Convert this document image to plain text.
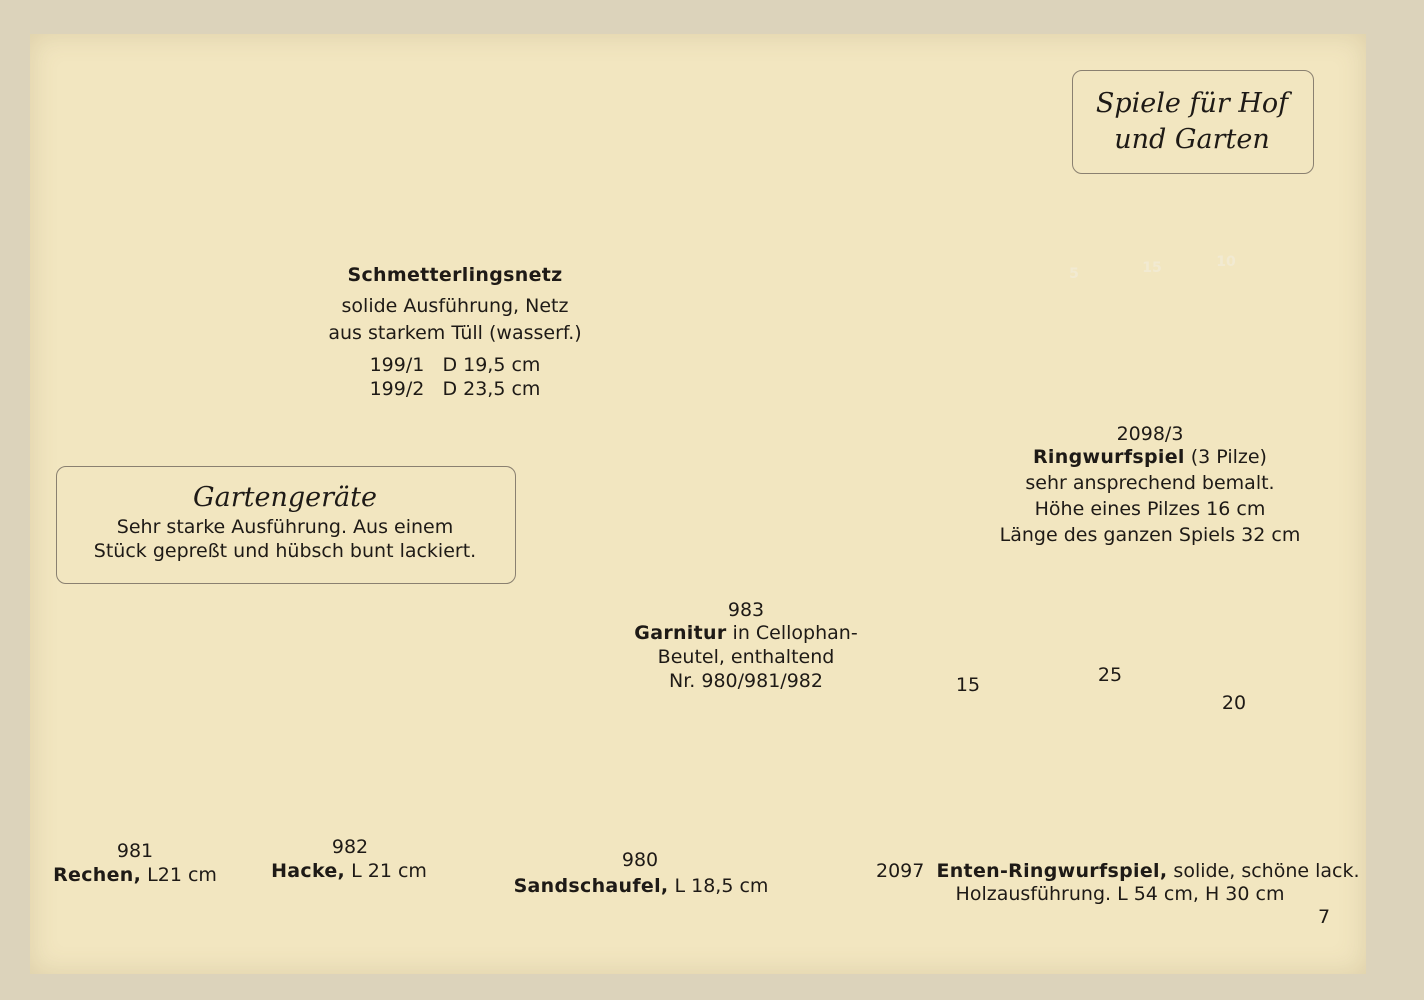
Spiele für Hof
und Garten
Schmetterlingsnetz
solide Ausführung, Netz
aus starkem Tüll (wasserf.)
199/1 D 19,5 cm
199/2 D 23,5 cm
Gartengeräte
Sehr starke Ausführung. Aus einem
Stück gepreßt und hübsch bunt lackiert.
983
Garnitur in Cellophan-
Beutel, enthaltend
Nr. 980/981/982
5	15	10
2098/3
Ringwurfspiel (3 Pilze)
sehr ansprechend bemalt.
Höhe eines Pilzes 16 cm
Länge des ganzen Spiels 32 cm
981
Rechen, L21 cm
982
Hacke, L 21 cm	980
Sandschaufel, L 18,5 cm
15	25
20
2097 Enten-Ringwurfspiel, solide, schöne lack.
Holzausführung. L 54 cm, H 30 cm
7
